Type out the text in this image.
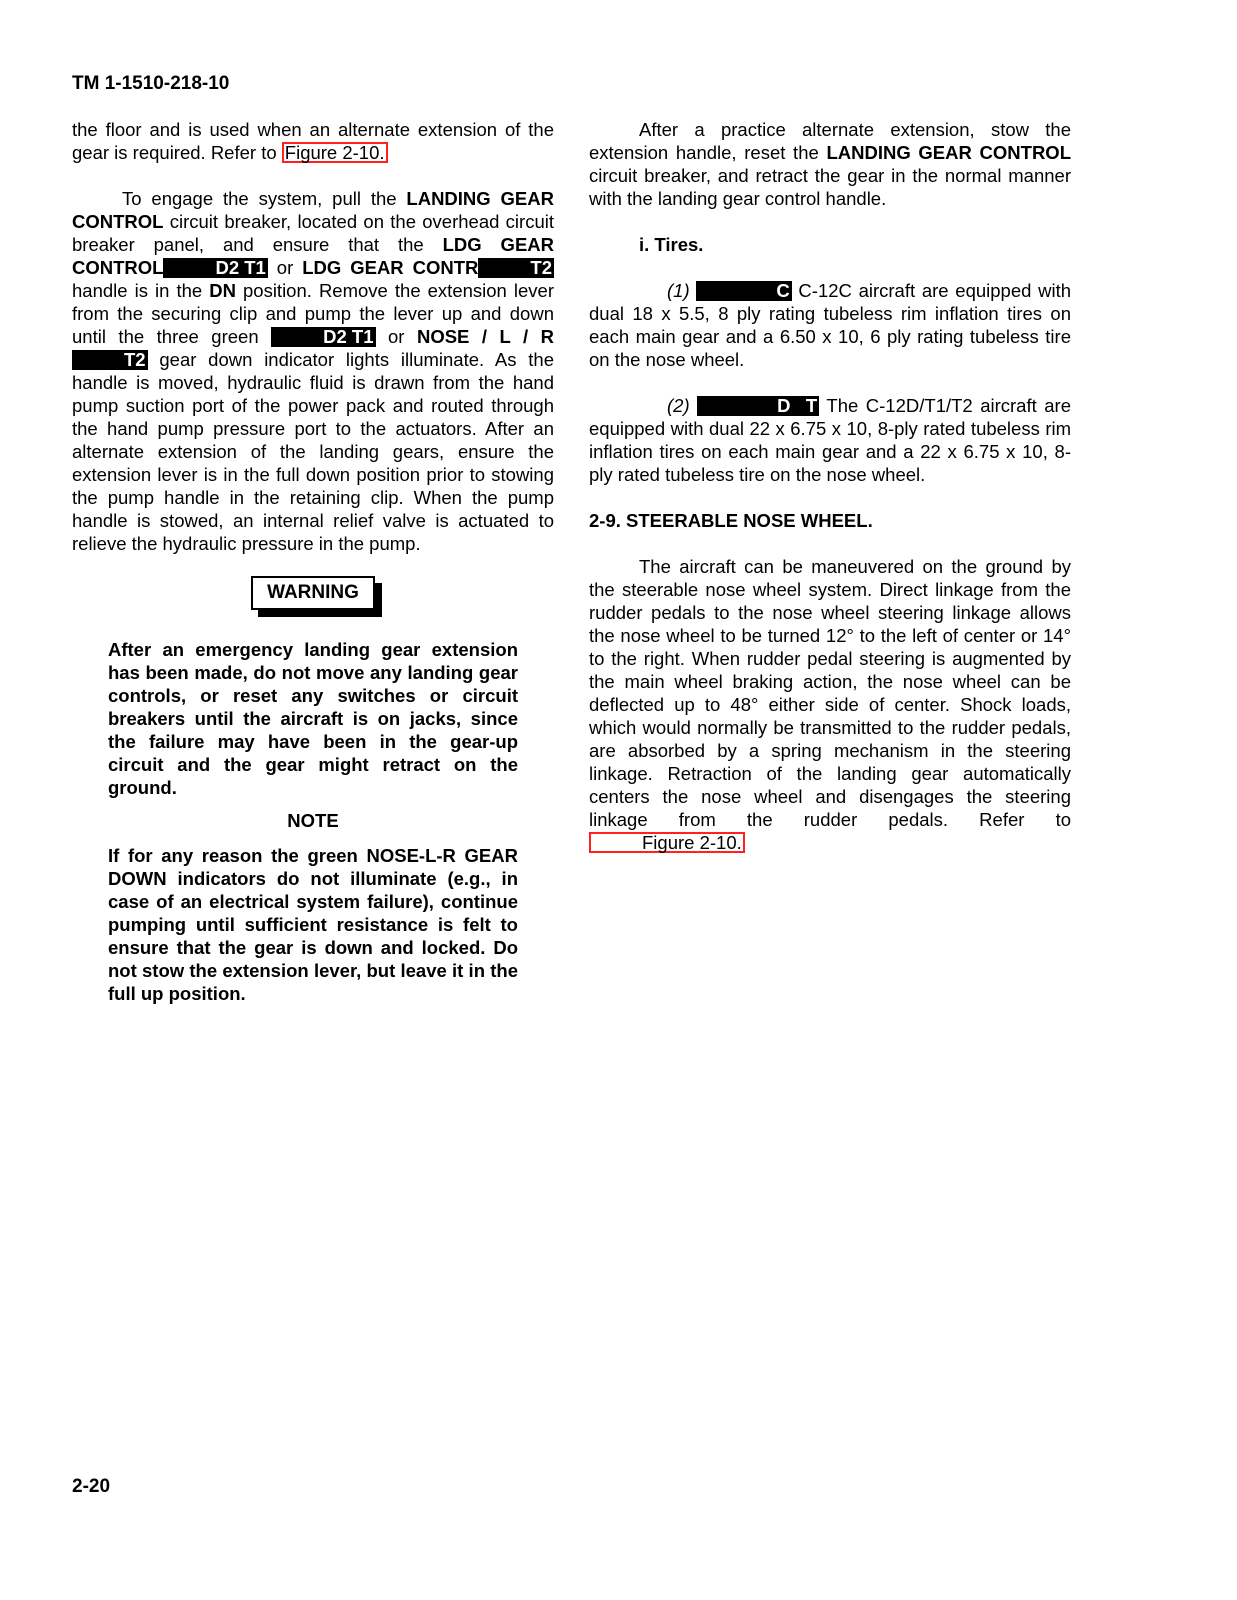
TM 1-1510-218-10

the floor and is used when an alternate extension of the gear is required. Refer to Figure 2-10.

To engage the system, pull the LANDING GEAR CONTROL circuit breaker, located on the overhead circuit breaker panel, and ensure that the LDG GEAR CONTROL	D2 T1 or LDG GEAR CONTR	T2 handle is in the DN position. Remove the extension lever from the securing clip and pump the lever up and down until the three green	D2 T1 or NOSE / L / RT2 gear down indicator lights illuminate. As the handle is moved, hydraulic fluid is drawn from the hand pump suction port of the power pack and routed through the hand pump pressure port to the actuators. After an alternate extension of the landing gears, ensure the extension lever is in the full down position prior to stowing the pump handle in the retaining clip. When the pump handle is stowed, an internal relief valve is actuated to relieve the hydraulic pressure in the pump.

WARNING

After an emergency landing gear extension has been made, do not move any landing gear controls, or reset any switches or circuit breakers until the aircraft is on jacks, since the failure may have been in the gear-up circuit and the gear might retract on the ground.

NOTE

If for any reason the green NOSE-L-R GEAR DOWN indicators do not illuminate (e.g., in case of an electrical system failure), continue pumping until sufficient resistance is felt to ensure that the gear is down and locked. Do not stow the extension lever, but leave it in the full up position.

After a practice alternate extension, stow the extension handle, reset the LANDING GEAR CONTROL circuit breaker, and retract the gear in the normal manner with the landing gear control handle.

i. Tires.

(1)	C C-12C aircraft are equipped with dual 18 x 5.5, 8 ply rating tubeless rim inflation tires on each main gear and a 6.50 x 10, 6 ply rating tubeless tire on the nose wheel.

(2)	D   T The C-12D/T1/T2 aircraft are equipped with dual 22 x 6.75 x 10, 8-ply rated tubeless rim inflation tires on each main gear and a 22 x 6.75 x 10, 8-ply rated tubeless tire on the nose wheel.

2-9. STEERABLE NOSE WHEEL.

The aircraft can be maneuvered on the ground by the steerable nose wheel system. Direct linkage from the rudder pedals to the nose wheel steering linkage allows the nose wheel to be turned 12° to the left of center or 14° to the right. When rudder pedal steering is augmented by the main wheel braking action, the nose wheel can be deflected up to 48° either side of center. Shock loads, which would normally be transmitted to the rudder pedals, are absorbed by a spring mechanism in the steering linkage. Retraction of the landing gear automatically centers the nose wheel and disengages the steering linkage from the rudder pedals. Refer to Figure 2-10.

2-20
